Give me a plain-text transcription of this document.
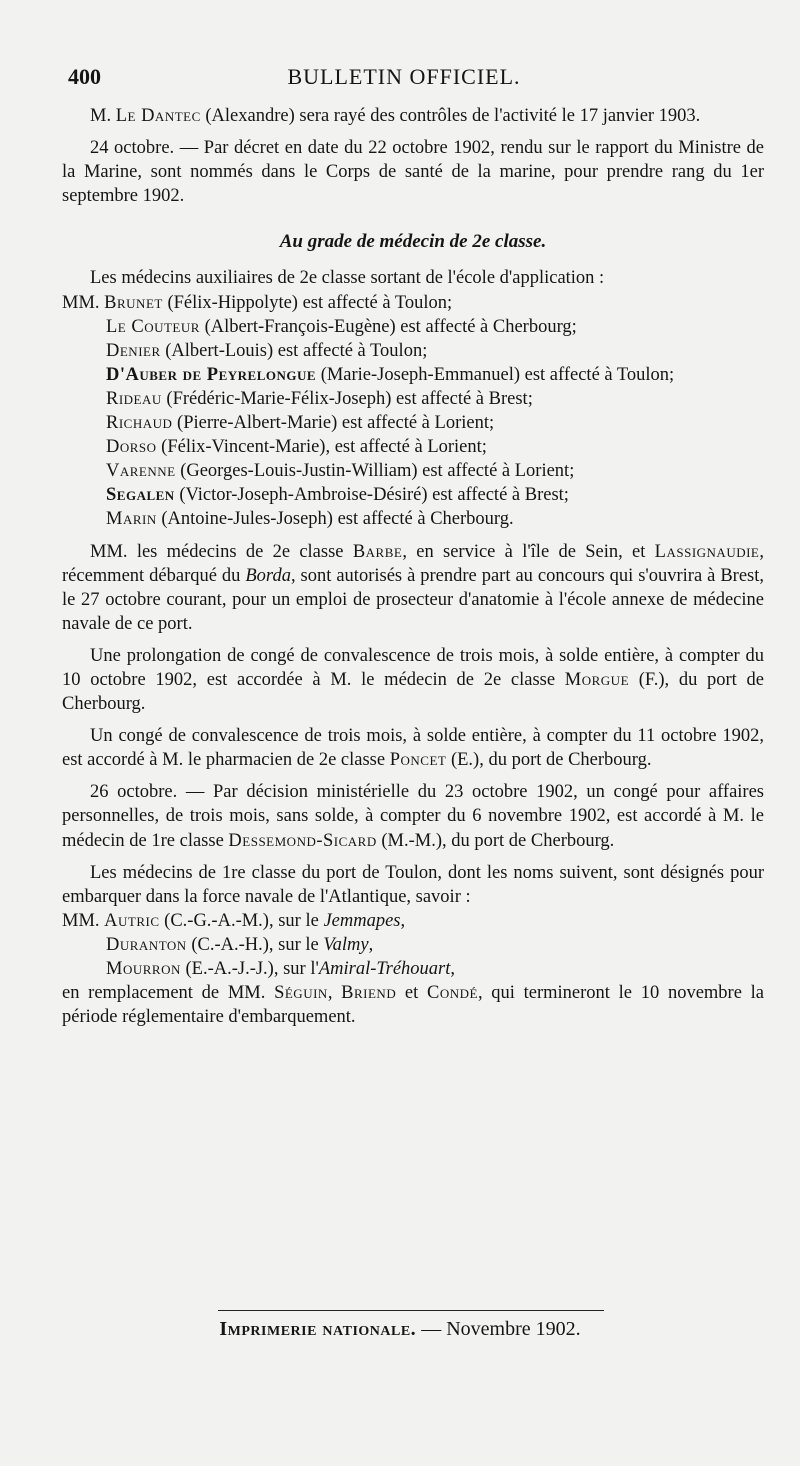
400	BULLETIN OFFICIEL.

M. Le Dantec (Alexandre) sera rayé des contrôles de l'activité le 17 janvier 1903.

24 octobre. — Par décret en date du 22 octobre 1902, rendu sur le rapport du Ministre de la Marine, sont nommés dans le Corps de santé de la marine, pour prendre rang du 1er septembre 1902.

Au grade de médecin de 2e classe.

Les médecins auxiliaires de 2e classe sortant de l'école d'application :

MM. Brunet (Félix-Hippolyte) est affecté à Toulon;
Le Couteur (Albert-François-Eugène) est affecté à Cherbourg;
Denier (Albert-Louis) est affecté à Toulon;
D'Auber de Peyrelongue (Marie-Joseph-Emmanuel) est affecté à Toulon;
Rideau (Frédéric-Marie-Félix-Joseph) est affecté à Brest;
Richaud (Pierre-Albert-Marie) est affecté à Lorient;
Dorso (Félix-Vincent-Marie), est affecté à Lorient;
Varenne (Georges-Louis-Justin-William) est affecté à Lorient;
Segalen (Victor-Joseph-Ambroise-Désiré) est affecté à Brest;
Marin (Antoine-Jules-Joseph) est affecté à Cherbourg.

MM. les médecins de 2e classe Barbe, en service à l'île de Sein, et Lassignaudie, récemment débarqué du Borda, sont autorisés à prendre part au concours qui s'ouvrira à Brest, le 27 octobre courant, pour un emploi de prosecteur d'anatomie à l'école annexe de médecine navale de ce port.

Une prolongation de congé de convalescence de trois mois, à solde entière, à compter du 10 octobre 1902, est accordée à M. le médecin de 2e classe Morgue (F.), du port de Cherbourg.

Un congé de convalescence de trois mois, à solde entière, à compter du 11 octobre 1902, est accordé à M. le pharmacien de 2e classe Poncet (E.), du port de Cherbourg.

26 octobre. — Par décision ministérielle du 23 octobre 1902, un congé pour affaires personnelles, de trois mois, sans solde, à compter du 6 novembre 1902, est accordé à M. le médecin de 1re classe Dessemond-Sicard (M.-M.), du port de Cherbourg.

Les médecins de 1re classe du port de Toulon, dont les noms suivent, sont désignés pour embarquer dans la force navale de l'Atlantique, savoir :

MM. Autric (C.-G.-A.-M.), sur le Jemmapes,
Duranton (C.-A.-H.), sur le Valmy,
Mourron (E.-A.-J.-J.), sur l'Amiral-Tréhouart,

en remplacement de MM. Séguin, Briend et Condé, qui termineront le 10 novembre la période réglementaire d'embarquement.

Imprimerie nationale. — Novembre 1902.
